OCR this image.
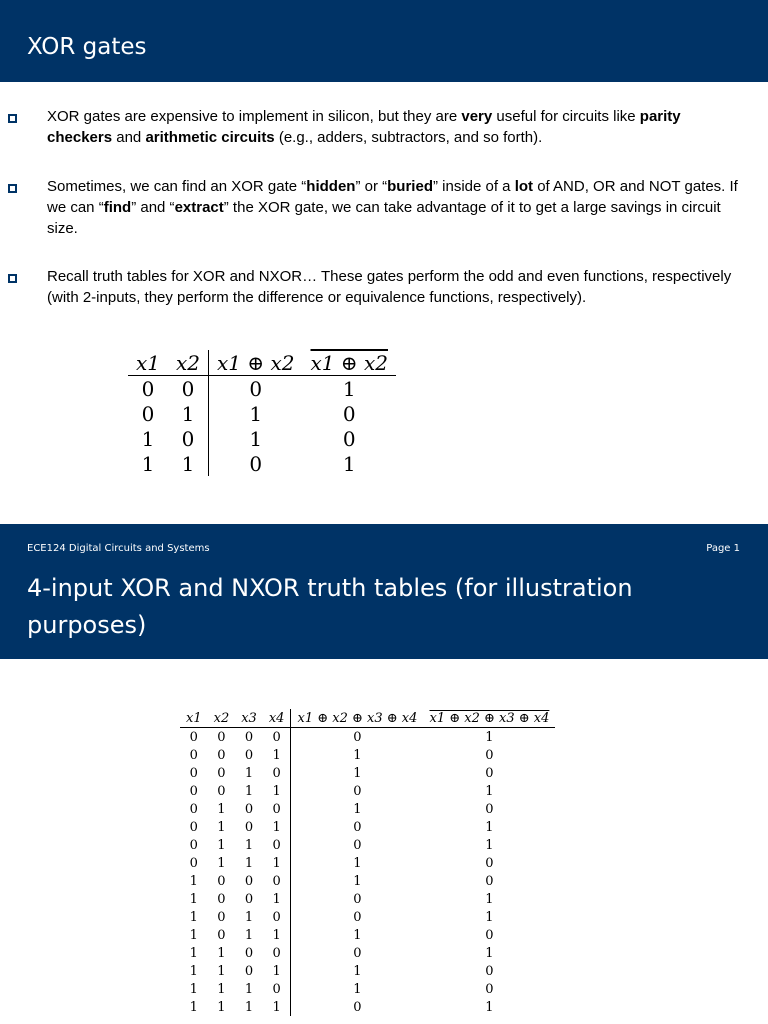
XOR gates
XOR gates are expensive to implement in silicon, but they are very useful for circuits like parity checkers and arithmetic circuits (e.g., adders, subtractors, and so forth).
Sometimes, we can find an XOR gate “hidden” or “buried” inside of a lot of AND, OR and NOT gates. If we can “find” and “extract” the XOR gate, we can take advantage of it to get a large savings in circuit size.
Recall truth tables for XOR and NXOR… These gates perform the odd and even functions, respectively (with 2-inputs, they perform the difference or equivalence functions, respectively).
x1	x2	x1 ⊕ x2	x1 ⊕ x2
0	0	0	1
0	1	1	0
1	0	1	0
1	1	0	1
ECE124 Digital Circuits and Systems	Page 1
4-input XOR and NXOR truth tables (for illustration purposes)
x1	x2	x3	x4	x1 ⊕ x2 ⊕ x3 ⊕ x4	x1 ⊕ x2 ⊕ x3 ⊕ x4
0	0	0	0	0	1
0	0	0	1	1	0
0	0	1	0	1	0
0	0	1	1	0	1
0	1	0	0	1	0
0	1	0	1	0	1
0	1	1	0	0	1
0	1	1	1	1	0
1	0	0	0	1	0
1	0	0	1	0	1
1	0	1	0	0	1
1	0	1	1	1	0
1	1	0	0	0	1
1	1	0	1	1	0
1	1	1	0	1	0
1	1	1	1	0	1
